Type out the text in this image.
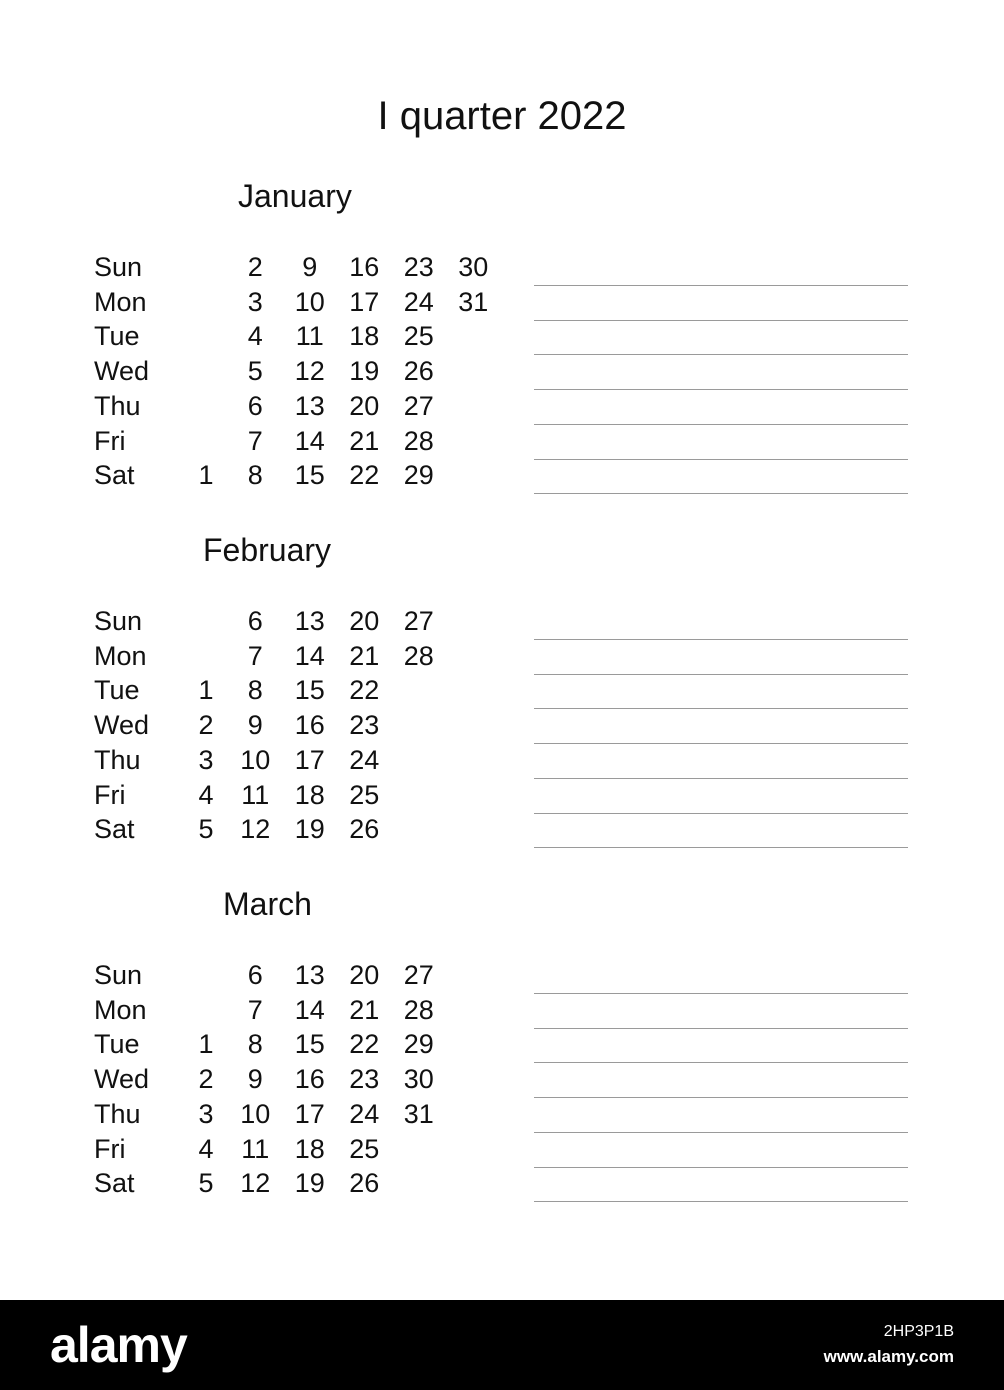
I quarter 2022
January
Sun		2	9	16	23	30
Mon		3	10	17	24	31
Tue		4	11	18	25	
Wed		5	12	19	26	
Thu		6	13	20	27	
Fri		7	14	21	28	
Sat	1	8	15	22	29	
February
Sun		6	13	20	27	
Mon		7	14	21	28	
Tue	1	8	15	22		
Wed	2	9	16	23		
Thu	3	10	17	24		
Fri	4	11	18	25		
Sat	5	12	19	26		
March
Sun		6	13	20	27	
Mon		7	14	21	28	
Tue	1	8	15	22	29	
Wed	2	9	16	23	30	
Thu	3	10	17	24	31	
Fri	4	11	18	25		
Sat	5	12	19	26		
alamy	2HP3P1B
www.alamy.com
